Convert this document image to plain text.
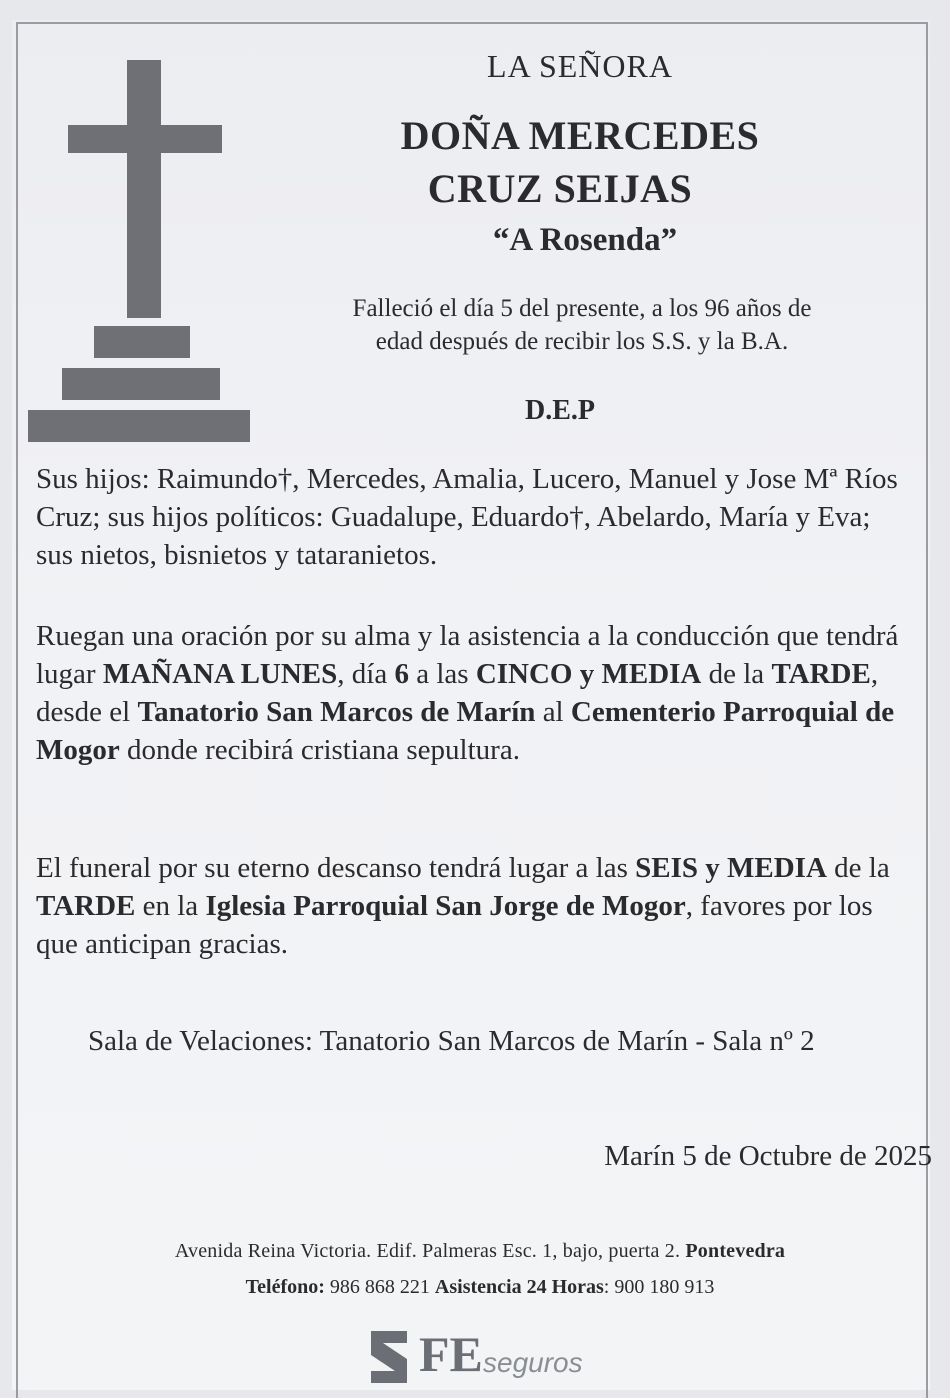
LA SEÑORA
DOÑA MERCEDES
CRUZ SEIJAS
“A Rosenda”
Falleció el día 5 del presente, a los 96 años de
edad después de recibir los S.S. y la B.A.
D.E.P
Sus hijos: Raimundo†, Mercedes, Amalia, Lucero, Manuel y Jose Mª Ríos Cruz; sus hijos políticos: Guadalupe, Eduardo†, Abelardo, María y Eva; sus nietos, bisnietos y tataranietos.
Ruegan una oración por su alma y la asistencia a la conducción que tendrá lugar MAÑANA LUNES, día 6 a las CINCO y MEDIA de la TARDE, desde el Tanatorio San Marcos de Marín al Cementerio Parroquial de Mogor donde recibirá cristiana sepultura.
El funeral por su eterno descanso tendrá lugar a las SEIS y MEDIA de la TARDE en la Iglesia Parroquial San Jorge de Mogor, favores por los que anticipan gracias.
Sala de Velaciones: Tanatorio San Marcos de Marín - Sala nº 2
Marín 5 de Octubre de 2025
Avenida Reina Victoria. Edif. Palmeras Esc. 1, bajo, puerta 2. Pontevedra
Teléfono: 986 868 221 Asistencia 24 Horas: 900 180 913
FE seguros
